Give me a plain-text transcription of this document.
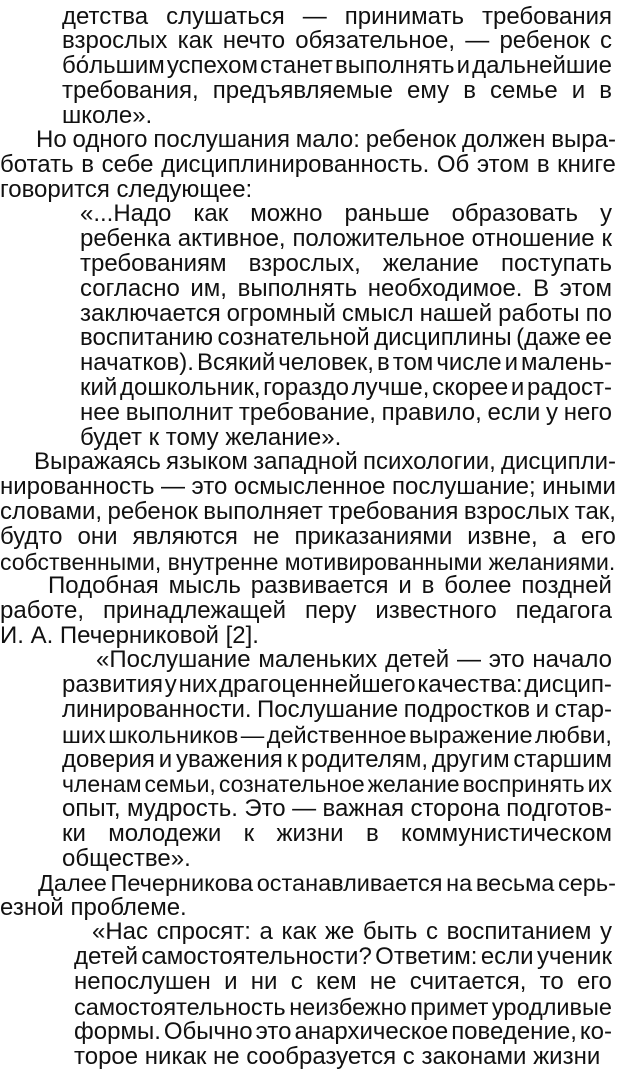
детства слушаться — принимать требования
взрослых как нечто обязательное, — ребенок с
бо́льшим успехом станет выполнять и дальнейшие
требования, предъявляемые ему в семье и в
школе».
Но одного послушания мало: ребенок должен выра-
ботать в себе дисциплинированность. Об этом в книге
говорится следующее:
«...Надо как можно раньше образовать у
ребенка активное, положительное отношение к
требованиям взрослых, желание поступать
согласно им, выполнять необходимое. В этом
заключается огромный смысл нашей работы по
воспитанию сознательной дисциплины (даже ее
начатков). Всякий человек, в том числе и малень-
кий дошкольник, гораздо лучше, скорее и радост-
нее выполнит требование, правило, если у него
будет к тому желание».
Выражаясь языком западной психологии, дисципли-
нированность — это осмысленное послушание; иными
словами, ребенок выполняет требования взрослых так,
будто они являются не приказаниями извне, а его
собственными, внутренне мотивированными желаниями.
Подобная мысль развивается и в более поздней
работе, принадлежащей перу известного педагога
И. А. Печерниковой [2].
«Послушание маленьких детей — это начало
развития у них драгоценнейшего качества: дисцип-
линированности. Послушание подростков и стар-
ших школьников — действенное выражение любви,
доверия и уважения к родителям, другим старшим
членам семьи, сознательное желание воспринять их
опыт, мудрость. Это — важная сторона подготов-
ки молодежи к жизни в коммунистическом
обществе».
Далее Печерникова останавливается на весьма серь-
езной проблеме.
«Нас спросят: а как же быть с воспитанием у
детей самостоятельности? Ответим: если ученик
непослушен и ни с кем не считается, то его
самостоятельность неизбежно примет уродливые
формы. Обычно это анархическое поведение, ко-
торое никак не сообразуется с законами жизни
